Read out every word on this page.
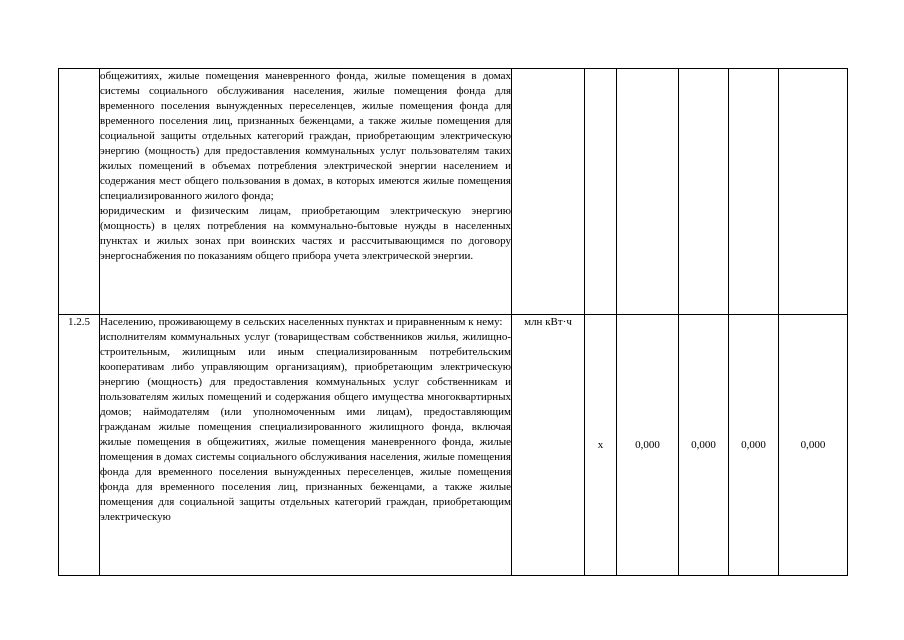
	общежитиях, жилые помещения маневренного фонда, жилые помещения в домах системы социального обслуживания населения, жилые помещения фонда для временного поселения вынужденных переселенцев, жилые помещения фонда для временного поселения лиц, признанных беженцами, а также жилые помещения для социальной защиты отдельных категорий граждан, приобретающим электрическую энергию (мощность) для предоставления коммунальных услуг пользователям таких жилых помещений в объемах потребления электрической энергии населением и содержания мест общего пользования в домах, в которых имеются жилые помещения специализированного жилого фонда;

юридическим и физическим лицам, приобретающим электрическую энергию (мощность) в целях потребления на коммунально-бытовые нужды в населенных пунктах и жилых зонах при воинских частях и рассчитывающимся по договору энергоснабжения по показаниям общего прибора учета электрической энергии.						

1.2.5	Населению, проживающему в сельских населенных пунктах и приравненным к нему:

исполнителям коммунальных услуг (товариществам собственников жилья, жилищно-строительным, жилищным или иным специализированным потребительским кооперативам либо управляющим организациям), приобретающим электрическую энергию (мощность) для предоставления коммунальных услуг собственникам и пользователям жилых помещений и содержания общего имущества многоквартирных домов; наймодателям (или уполномоченным ими лицам), предоставляющим гражданам жилые помещения специализированного жилищного фонда, включая жилые помещения в общежитиях, жилые помещения маневренного фонда, жилые помещения в домах системы социального обслуживания населения, жилые помещения фонда для временного поселения вынужденных переселенцев, жилые помещения фонда для временного поселения лиц, признанных беженцами, а также жилые помещения для социальной защиты отдельных категорий граждан, приобретающим электрическую	млн кВт·ч	x	0,000	0,000	0,000	0,000
